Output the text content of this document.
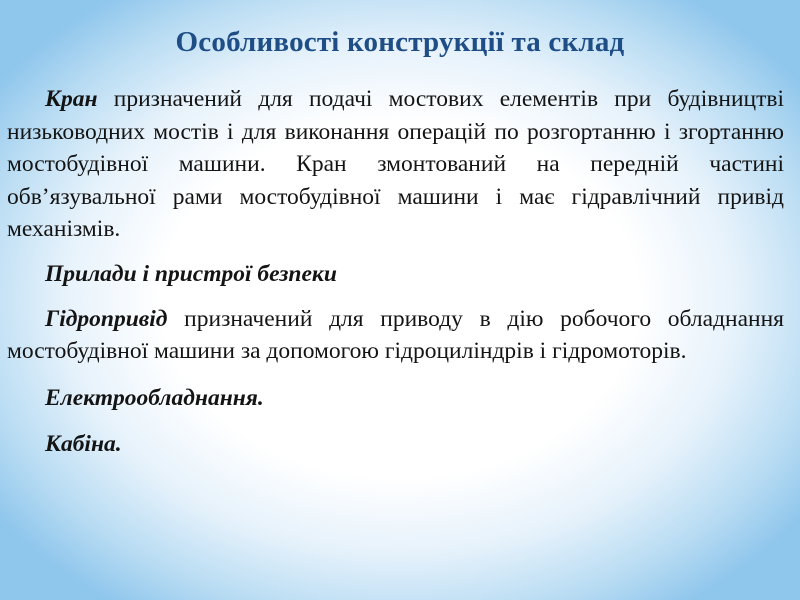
Особливості конструкції та склад

Кран призначений для подачі мостових елементів при будівництві низьководних мостів і для виконання операцій по розгортанню і згортанню мостобудівної машини. Кран змонтований на передній частині обв’язувальної рами мостобудівної машини і має гідравлічний привід механізмів.

Прилади і пристрої безпеки

Гідропривід призначений для приводу в дію робочого обладнання мостобудівної машини за допомогою гідроциліндрів і гідромоторів.

Електрообладнання.

Кабіна.
